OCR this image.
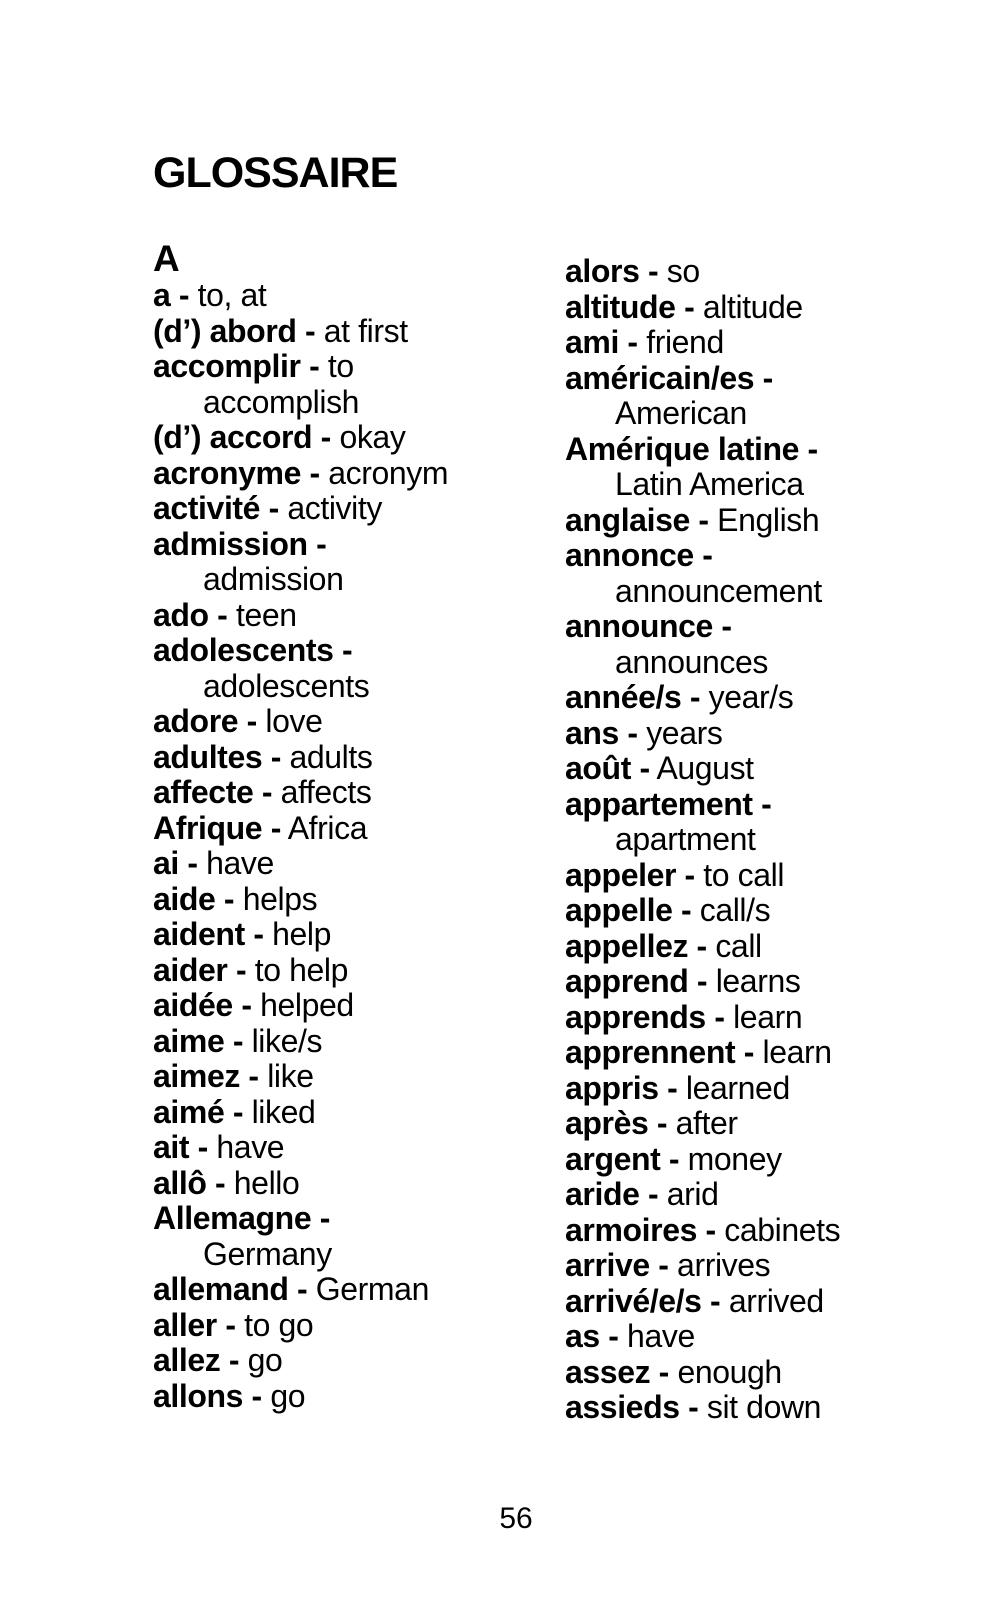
GLOSSAIRE
A
a - to, at
(d’) abord - at first
accomplir - to
accomplish
(d’) accord - okay
acronyme - acronym
activité - activity
admission -
admission
ado - teen
adolescents -
adolescents
adore - love
adultes - adults
affecte - affects
Afrique - Africa
ai - have
aide - helps
aident - help
aider - to help
aidée - helped
aime - like/s
aimez - like
aimé - liked
ait - have
allô - hello
Allemagne -
Germany
allemand - German
aller - to go
allez - go
allons - go
alors - so
altitude - altitude
ami - friend
américain/es -
American
Amérique latine -
Latin America
anglaise - English
annonce -
announcement
announce -
announces
année/s - year/s
ans - years
août - August
appartement -
apartment
appeler - to call
appelle - call/s
appellez - call
apprend - learns
apprends - learn
apprennent - learn
appris - learned
après - after
argent - money
aride - arid
armoires - cabinets
arrive - arrives
arrivé/e/s - arrived
as - have
assez - enough
assieds - sit down
56
